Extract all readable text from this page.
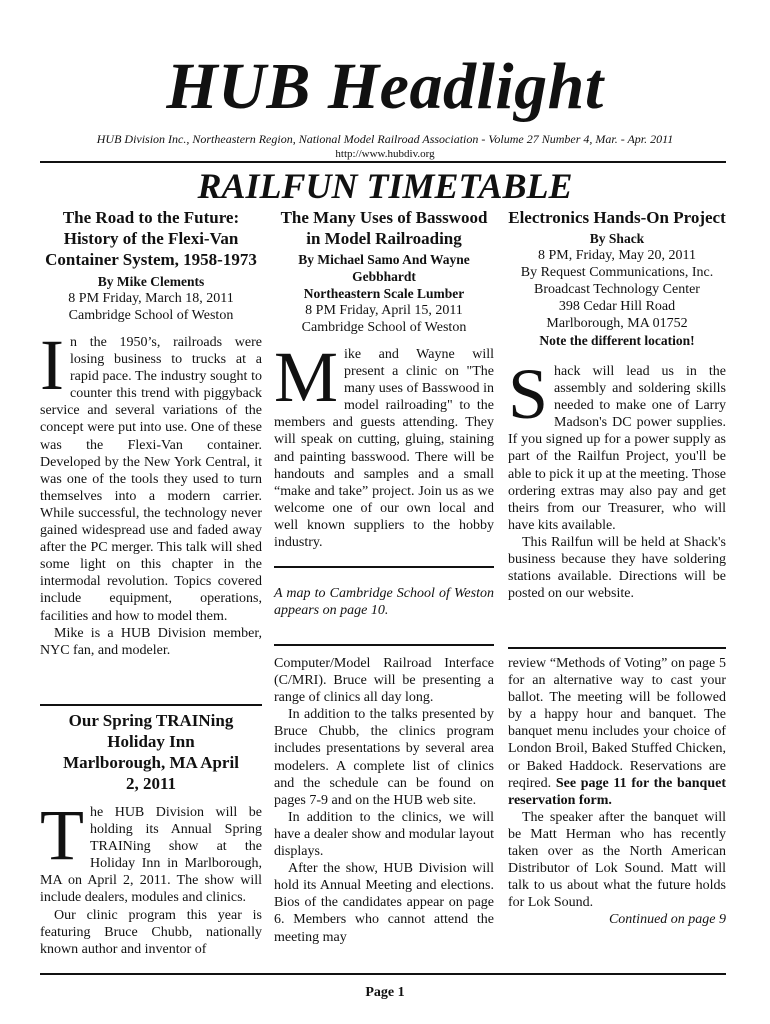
HUB Headlight
HUB Division Inc., Northeastern Region, National Model Railroad Association - Volume 27 Number 4, Mar. - Apr. 2011
http://www.hubdiv.org
RAILFUN TIMETABLE
The Road to the Future: History of the Flexi-Van Container System, 1958-1973
By Mike Clements
8 PM Friday, March 18, 2011
Cambridge School of Weston

In the 1950’s, railroads were losing business to trucks at a rapid pace. The industry sought to counter this trend with piggyback service and several variations of the concept were put into use. One of these was the Flexi-Van container. Developed by the New York Central, it was one of the tools they used to turn themselves into a modern carrier. While successful, the technology never gained widespread use and faded away after the PC merger. This talk will shed some light on this chapter in the intermodal revolution. Topics covered include equipment, operations, facilities and how to model them.

Mike is a HUB Division member, NYC fan, and modeler.

Our Spring TRAINing Holiday Inn Marlborough, MA April 2, 2011

The HUB Division will be holding its Annual Spring TRAINing show at the Holiday Inn in Marlborough, MA on April 2, 2011. The show will include dealers, modules and clinics.

Our clinic program this year is featuring Bruce Chubb, nationally known author and inventor of

The Many Uses of Basswood in Model Railroading
By Michael Samo And Wayne Gebbhardt
Northeastern Scale Lumber
8 PM Friday, April 15, 2011
Cambridge School of Weston

Mike and Wayne will present a clinic on "The many uses of Basswood in model railroading" to the members and guests attending. They will speak on cutting, gluing, staining and painting basswood. There will be handouts and samples and a small “make and take” project. Join us as we welcome one of our own local and well known suppliers to the hobby industry.

A map to Cambridge School of Weston appears on page 10.

Computer/Model Railroad Interface (C/MRI). Bruce will be presenting a range of clinics all day long.

In addition to the talks presented by Bruce Chubb, the clinics program includes presentations by several area modelers. A complete list of clinics and the schedule can be found on pages 7-9 and on the HUB web site.

In addition to the clinics, we will have a dealer show and modular layout displays.

After the show, HUB Division will hold its Annual Meeting and elections. Bios of the candidates appear on page 6. Members who cannot attend the meeting may

Electronics Hands-On Project
By Shack
8 PM, Friday, May 20, 2011
By Request Communications, Inc.
Broadcast Technology Center
398 Cedar Hill Road
Marlborough, MA 01752
Note the different location!

Shack will lead us in the assembly and soldering skills needed to make one of Larry Madson's DC power supplies. If you signed up for a power supply as part of the Railfun Project, you'll be able to pick it up at the meeting. Those ordering extras may also pay and get theirs from our Treasurer, who will have kits available.

This Railfun will be held at Shack's business because they have soldering stations available. Directions will be posted on our website.

review “Methods of Voting” on page 5 for an alternative way to cast your ballot. The meeting will be followed by a happy hour and banquet. The banquet menu includes your choice of London Broil, Baked Stuffed Chicken, or Baked Haddock. Reservations are reqired. See page 11 for the banquet reservation form.

The speaker after the banquet will be Matt Herman who has recently taken over as the North American Distributor of Lok Sound. Matt will talk to us about what the future holds for Lok Sound.

Continued on page 9
Page 1
